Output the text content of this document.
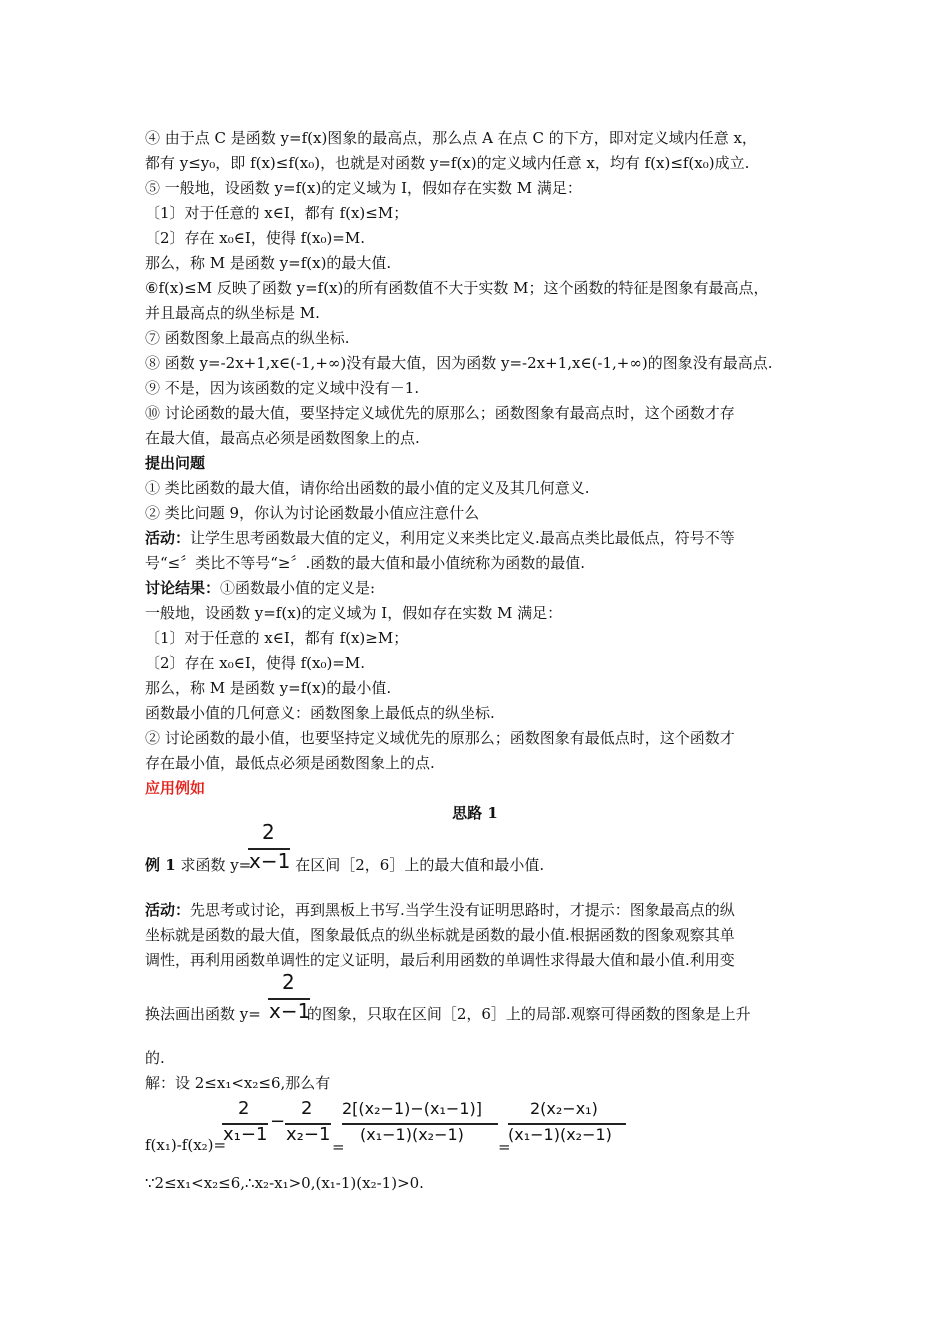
④ 由于点 C 是函数 y=f(x)图象的最高点，那么点 A 在点 C 的下方，即对定义域内任意 x，
都有 y≤y₀，即 f(x)≤f(x₀)，也就是对函数 y=f(x)的定义域内任意 x，均有 f(x)≤f(x₀)成立.
⑤ 一般地，设函数 y=f(x)的定义域为 I，假如存在实数 M 满足：
〔1〕对于任意的 x∈I，都有 f(x)≤M；
〔2〕存在 x₀∈I，使得 f(x₀)=M.
那么，称 M 是函数 y=f(x)的最大值.
⑥f(x)≤M 反映了函数 y=f(x)的所有函数值不大于实数 M；这个函数的特征是图象有最高点，
并且最高点的纵坐标是 M.
⑦ 函数图象上最高点的纵坐标.
⑧ 函数 y=-2x+1,x∈(-1,+∞)没有最大值，因为函数 y=-2x+1,x∈(-1,+∞)的图象没有最高点.
⑨ 不是，因为该函数的定义域中没有－1.
⑩ 讨论函数的最大值，要坚持定义域优先的原那么；函数图象有最高点时，这个函数才存
在最大值，最高点必须是函数图象上的点.
提出问题
① 类比函数的最大值，请你给出函数的最小值的定义及其几何意义.
② 类比问题 9，你认为讨论函数最小值应注意什么
活动：让学生思考函数最大值的定义，利用定义来类比定义.最高点类比最低点，符号不等
号“≤〞类比不等号“≥〞.函数的最大值和最小值统称为函数的最值.
讨论结果：①函数最小值的定义是:
一般地，设函数 y=f(x)的定义域为 I，假如存在实数 M 满足：
〔1〕对于任意的 x∈I，都有 f(x)≥M；
〔2〕存在 x₀∈I，使得 f(x₀)=M.
那么，称 M 是函数 y=f(x)的最小值.
函数最小值的几何意义：函数图象上最低点的纵坐标.
② 讨论函数的最小值，也要坚持定义域优先的原那么；函数图象有最低点时，这个函数才
存在最小值，最低点必须是函数图象上的点.
应用例如
思路 1
例 1 求函数 y=	在区间［2，6］上的最大值和最小值.
2
x−1
活动：先思考或讨论，再到黑板上书写.当学生没有证明思路时，才提示：图象最高点的纵
坐标就是函数的最大值，图象最低点的纵坐标就是函数的最小值.根据函数的图象观察其单
调性，再利用函数单调性的定义证明，最后利用函数的单调性求得最大值和最小值.利用变
换法画出函数 y=	的图象，只取在区间［2，6］上的局部.观察可得函数的图象是上升
2
x−1
的.
解：设 2≤x₁<x₂≤6,那么有
f(x₁)-f(x₂)=
2
x₁−1
−
2
x₂−1
=
2[(x₂−1)−(x₁−1)]
(x₁−1)(x₂−1)
=
2(x₂−x₁)
(x₁−1)(x₂−1)
∵2≤x₁<x₂≤6,∴x₂-x₁>0,(x₁-1)(x₂-1)>0.
